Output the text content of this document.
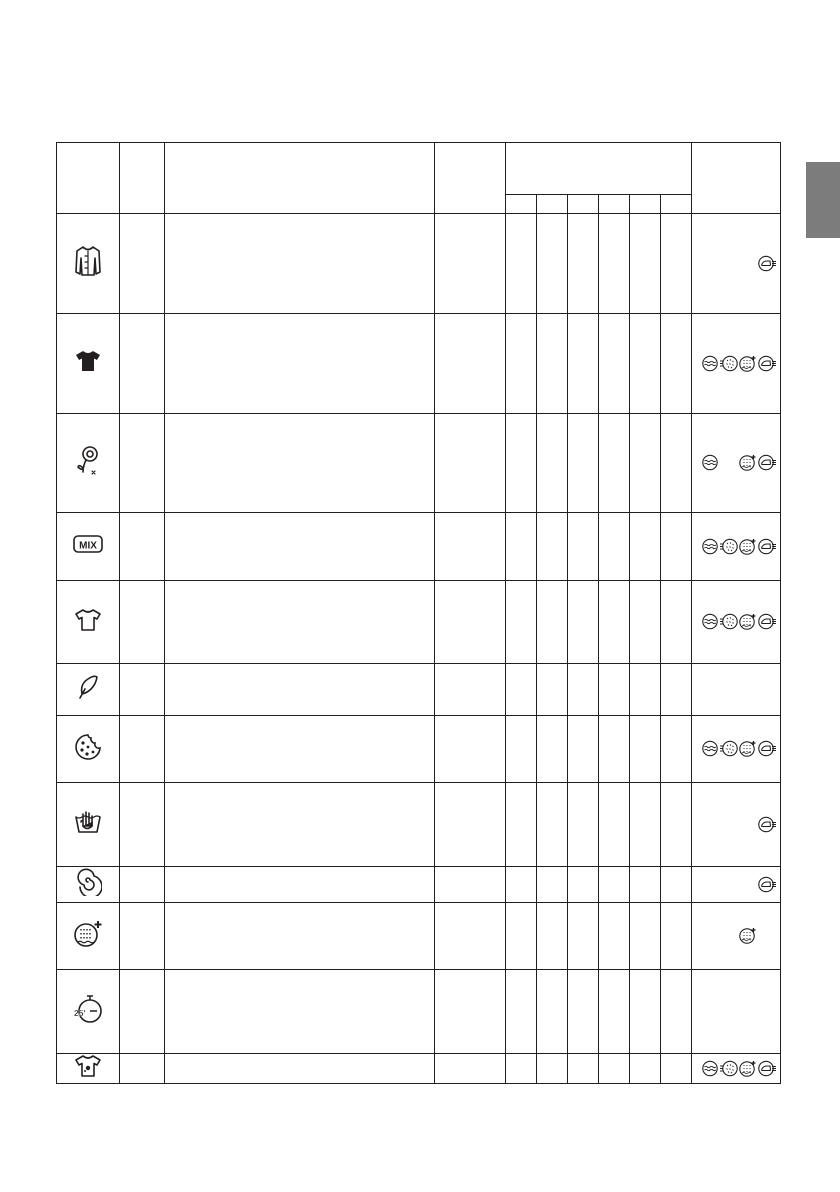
MIX

25'										
